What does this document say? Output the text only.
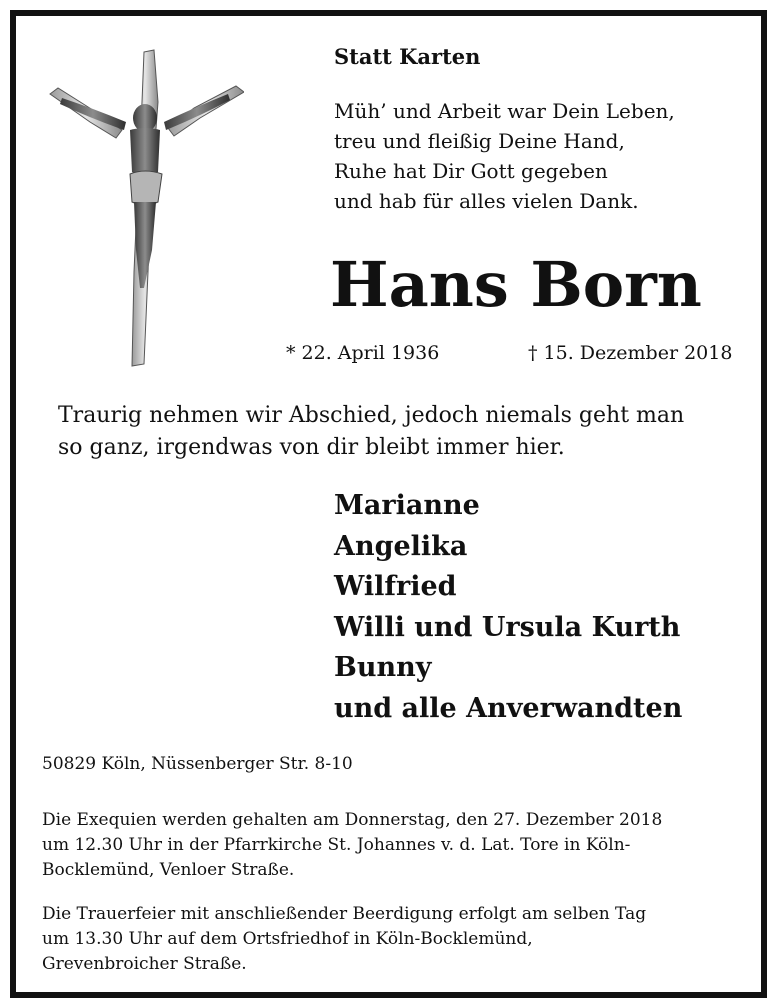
Statt Karten
Müh’ und Arbeit war Dein Leben,
treu und fleißig Deine Hand,
Ruhe hat Dir Gott gegeben
und hab für alles vielen Dank.
Hans Born
* 22. April 1936	† 15. Dezember 2018
Traurig nehmen wir Abschied, jedoch niemals geht man
so ganz, irgendwas von dir bleibt immer hier.
Marianne
Angelika
Wilfried
Willi und Ursula Kurth
Bunny
und alle Anverwandten
50829 Köln, Nüssenberger Str. 8-10
Die Exequien werden gehalten am Donnerstag, den 27. Dezember 2018
um 12.30 Uhr in der Pfarrkirche St. Johannes v. d. Lat. Tore in Köln-
Bocklemünd, Venloer Straße.
Die Trauerfeier mit anschließender Beerdigung erfolgt am selben Tag
um 13.30 Uhr auf dem Ortsfriedhof in Köln-Bocklemünd,
Grevenbroicher Straße.
